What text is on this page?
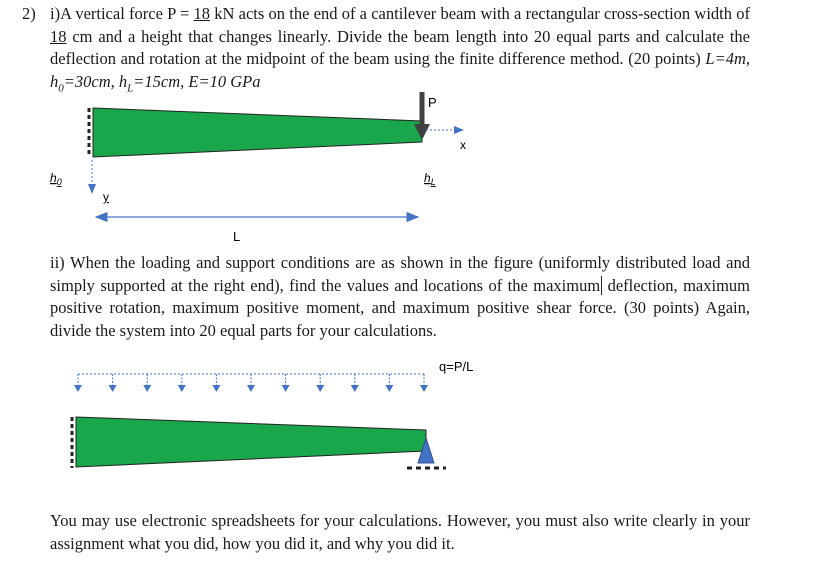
2) i)A vertical force P = 18 kN acts on the end of a cantilever beam with a rectangular cross-section width of 18 cm and a height that changes linearly. Divide the beam length into 20 equal parts and calculate the deflection and rotation at the midpoint of the beam using the finite difference method. (20 points) L=4m, $h_0=30cm$, $h_L=15cm$, E=10 GPa
P
x
y
$h_0$	$h_L$
L
ii) When the loading and support conditions are as shown in the figure (uniformly distributed load and simply supported at the right end), find the values and locations of the maximum deflection, maximum positive rotation, maximum positive moment, and maximum positive shear force. (30 points) Again, divide the system into 20 equal parts for your calculations.
q=P/L
You may use electronic spreadsheets for your calculations. However, you must also write clearly in your assignment what you did, how you did it, and why you did it.
